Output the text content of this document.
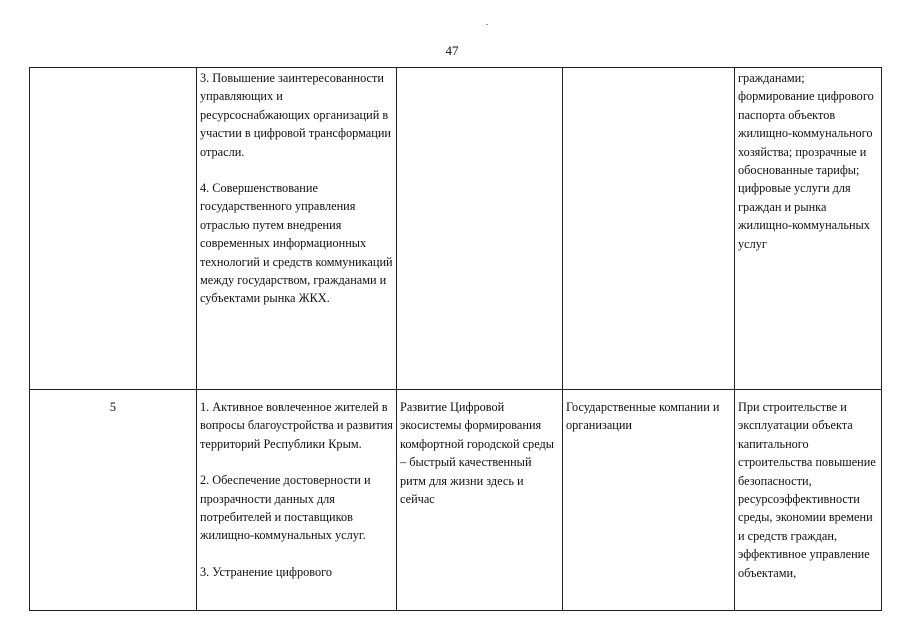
47

	3. Повышение заинтересованности управляющих и ресурсоснабжающих организаций в участии в цифровой трансформации отрасли.

4. Совершенствование государственного управления отраслью путем внедрения современных информационных технологий и средств коммуникаций между государством, гражданами и субъектами рынка ЖКХ.			гражданами; формирование цифрового паспорта объектов жилищно-коммунального хозяйства; прозрачные и обоснованные тарифы; цифровые услуги для граждан и рынка жилищно-коммунальных услуг
5	1. Активное вовлеченное жителей в вопросы благоустройства и развития территорий Республики Крым.

2. Обеспечение достоверности и прозрачности данных для потребителей и поставщиков жилищно-коммунальных услуг.

3. Устранение цифрового	Развитие Цифровой экосистемы формирования комфортной городской среды – быстрый качественный ритм для жизни здесь и сейчас	Государственные компании и организации	При строительстве и эксплуатации объекта капитального строительства повышение безопасности, ресурсоэффективности среды, экономии времени и средств граждан, эффективное управление объектами,
